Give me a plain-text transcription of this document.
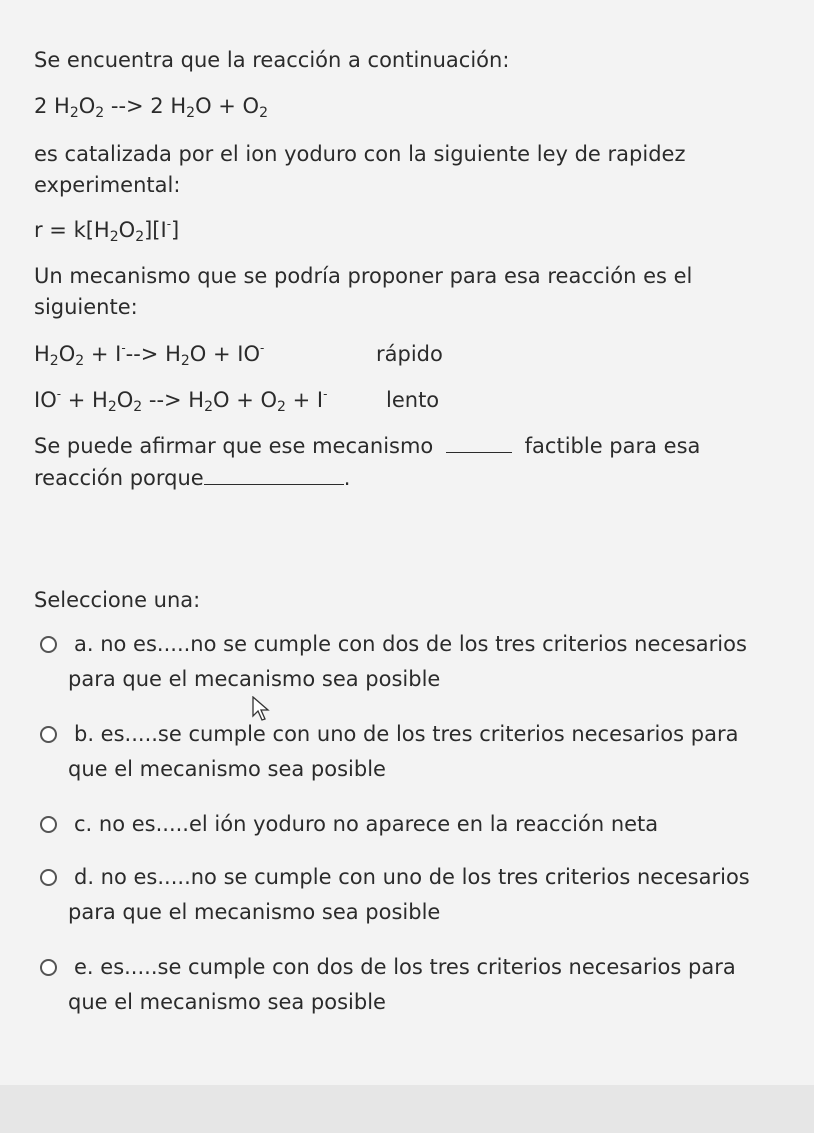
Se encuentra que la reacción a continuación:
2 $H_2O_2$ --> 2 $H_2O + O_2$
es catalizada por el ion yoduro con la siguiente ley de rapidez
experimental:
$r = k[H_2O_2][I^-]$
Un mecanismo que se podría proponer para esa reacción es el
siguiente:
$H_2O_2 + I^---> H_2O + IO^-$	rápido
$IO^- + H_2O_2$ --> $H_2O + O_2 + I^-$	lento
Se puede afirmar que ese mecanismo	factible para esa
reacción porque	.
Seleccione una:
a. no es.....no se cumple con dos de los tres criterios necesarios
para que el mecanismo sea posible
b. es.....se cumple con uno de los tres criterios necesarios para
que el mecanismo sea posible
c. no es.....el ión yoduro no aparece en la reacción neta
d. no es.....no se cumple con uno de los tres criterios necesarios
para que el mecanismo sea posible
e. es.....se cumple con dos de los tres criterios necesarios para
que el mecanismo sea posible
